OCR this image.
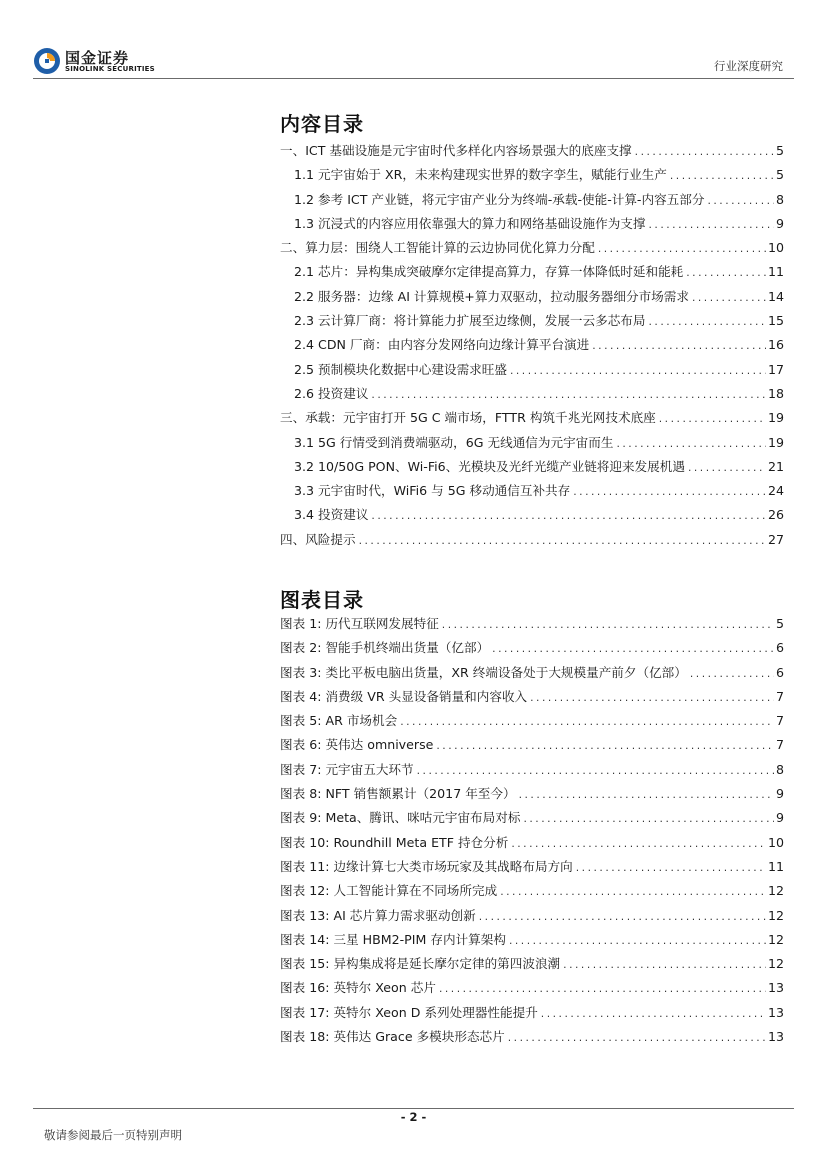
国金证券
SINOLINK SECURITIES	行业深度研究
内容目录
一、ICT 基础设施是元宇宙时代多样化内容场景强大的底座支撑 .....	5
1.1 元宇宙始于 XR，未来构建现实世界的数字孪生，赋能行业生产 .....	5
1.2 参考 ICT 产业链，将元宇宙产业分为终端-承载-使能-计算-内容五部分 .....	8
1.3 沉浸式的内容应用依靠强大的算力和网络基础设施作为支撑 .....	9
二、算力层：围绕人工智能计算的云边协同优化算力分配 .....	10
2.1 芯片：异构集成突破摩尔定律提高算力，存算一体降低时延和能耗 .....	11
2.2 服务器：边缘 AI 计算规模+算力双驱动，拉动服务器细分市场需求 .....	14
2.3 云计算厂商：将计算能力扩展至边缘侧，发展一云多芯布局 .....	15
2.4 CDN 厂商：由内容分发网络向边缘计算平台演进 .....	16
2.5 预制模块化数据中心建设需求旺盛 .....	17
2.6 投资建议 .....	18
三、承载：元宇宙打开 5G C 端市场，FTTR 构筑千兆光网技术底座 .....	19
3.1 5G 行情受到消费端驱动，6G 无线通信为元宇宙而生 .....	19
3.2 10/50G PON、Wi-Fi6、光模块及光纤光缆产业链将迎来发展机遇 .....	21
3.3 元宇宙时代，WiFi6 与 5G 移动通信互补共存 .....	24
3.4 投资建议 .....	26
四、风险提示 .....	27
图表目录
图表 1: 历代互联网发展特征 .....	5
图表 2: 智能手机终端出货量（亿部） .....	6
图表 3: 类比平板电脑出货量，XR 终端设备处于大规模量产前夕（亿部） .....	6
图表 4: 消费级 VR 头显设备销量和内容收入 .....	7
图表 5: AR 市场机会 .....	7
图表 6: 英伟达 omniverse .....	7
图表 7: 元宇宙五大环节 .....	8
图表 8: NFT 销售额累计（2017 年至今） .....	9
图表 9: Meta、腾讯、咪咕元宇宙布局对标 .....	9
图表 10: Roundhill Meta ETF 持仓分析 .....	10
图表 11: 边缘计算七大类市场玩家及其战略布局方向 .....	11
图表 12: 人工智能计算在不同场所完成 .....	12
图表 13: AI 芯片算力需求驱动创新 .....	12
图表 14: 三星 HBM2-PIM 存内计算架构 .....	12
图表 15: 异构集成将是延长摩尔定律的第四波浪潮 .....	12
图表 16: 英特尔 Xeon 芯片 .....	13
图表 17: 英特尔 Xeon D 系列处理器性能提升 .....	13
图表 18: 英伟达 Grace 多模块形态芯片 .....	13
- 2 -
敬请参阅最后一页特别声明
